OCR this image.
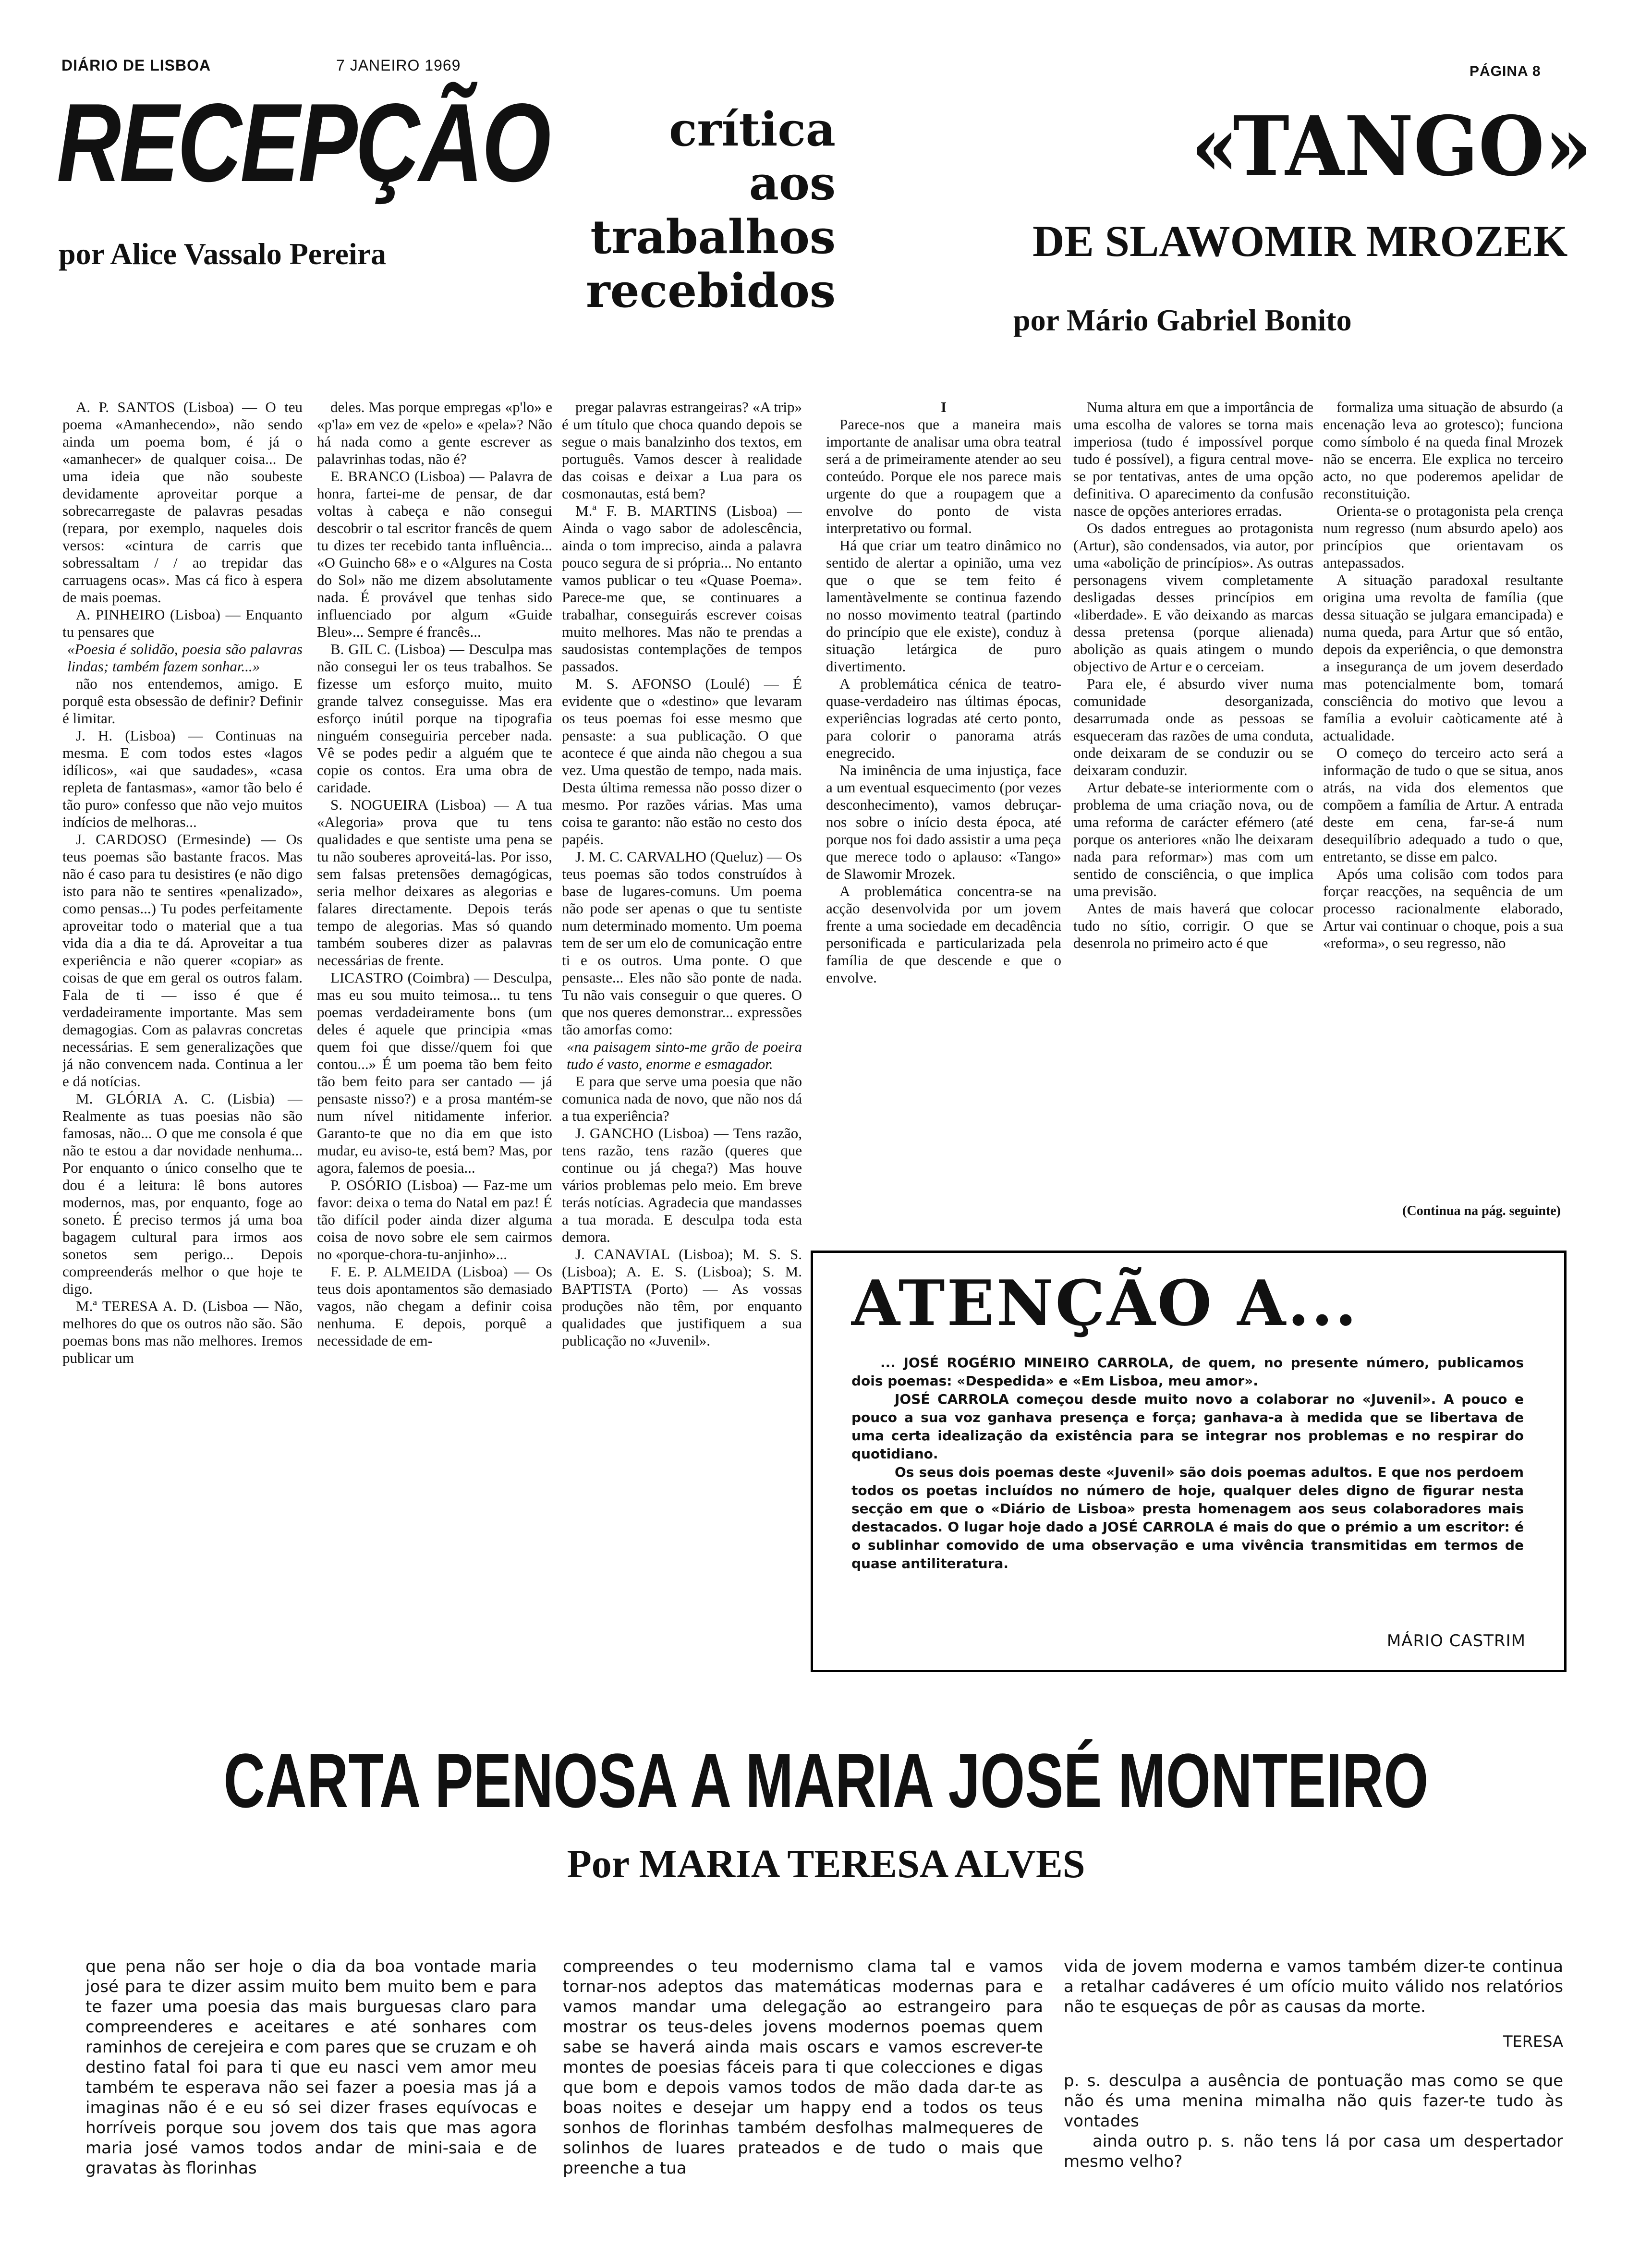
DIÁRIO DE LISBOA	7 JANEIRO 1969	PÁGINA 8
RECEPÇÃO
por Alice Vassalo Pereira
crítica
aos
trabalhos
recebidos
«TANGO»
DE SLAWOMIR MROZEK
por Mário Gabriel Bonito

A. P. SANTOS (Lisboa) — O teu poema «Amanhecendo», não sendo ainda um poema bom, é já o «amanhecer» de qualquer coisa... De uma ideia que não soubeste devidamente aproveitar porque a sobrecarregaste de palavras pesadas (repara, por exemplo, naqueles dois versos: «cintura de carris que sobressaltam / / ao trepidar das carruagens ocas». Mas cá fico à espera de mais poemas.

A. PINHEIRO (Lisboa) — Enquanto tu pensares que

«Poesia é solidão, poesia são palavras lindas; também fazem sonhar...»

não nos entendemos, amigo. E porquê esta obsessão de definir? Definir é limitar.

J. H. (Lisboa) — Continuas na mesma. E com todos estes «lagos idílicos», «ai que saudades», «casa repleta de fantasmas», «amor tão belo é tão puro» confesso que não vejo muitos indícios de melhoras...

J. CARDOSO (Ermesinde) — Os teus poemas são bastante fracos. Mas não é caso para tu desistires (e não digo isto para não te sentires «penalizado», como pensas...) Tu podes perfeitamente aproveitar todo o material que a tua vida dia a dia te dá. Aproveitar a tua experiência e não querer «copiar» as coisas de que em geral os outros falam. Fala de ti — isso é que é verdadeiramente importante. Mas sem demagogias. Com as palavras concretas necessárias. E sem generalizações que já não convencem nada. Continua a ler e dá notícias.

M. GLÓRIA A. C. (Lisbia) — Realmente as tuas poesias não são famosas, não... O que me consola é que não te estou a dar novidade nenhuma... Por enquanto o único conselho que te dou é a leitura: lê bons autores modernos, mas, por enquanto, foge ao soneto. É preciso termos já uma boa bagagem cultural para irmos aos sonetos sem perigo... Depois compreenderás melhor o que hoje te digo.

M.ª TERESA A. D. (Lisboa — Não, melhores do que os outros não são. São poemas bons mas não melhores. Iremos publicar um

deles. Mas porque empregas «p'lo» e «p'la» em vez de «pelo» e «pela»? Não há nada como a gente escrever as palavrinhas todas, não é?

E. BRANCO (Lisboa) — Palavra de honra, fartei-me de pensar, de dar voltas à cabeça e não consegui descobrir o tal escritor francês de quem tu dizes ter recebido tanta influência... «O Guincho 68» e o «Algures na Costa do Sol» não me dizem absolutamente nada. É provável que tenhas sido influenciado por algum «Guide Bleu»... Sempre é francês...

B. GIL C. (Lisboa) — Desculpa mas não consegui ler os teus trabalhos. Se fizesse um esforço muito, muito grande talvez conseguisse. Mas era esforço inútil porque na tipografia ninguém conseguiria perceber nada. Vê se podes pedir a alguém que te copie os contos. Era uma obra de caridade.

S. NOGUEIRA (Lisboa) — A tua «Alegoria» prova que tu tens qualidades e que sentiste uma pena se tu não souberes aproveitá-las. Por isso, sem falsas pretensões demagógicas, seria melhor deixares as alegorias e falares directamente. Depois terás tempo de alegorias. Mas só quando também souberes dizer as palavras necessárias de frente.

LICASTRO (Coimbra) — Desculpa, mas eu sou muito teimosa... tu tens poemas verdadeiramente bons (um deles é aquele que principia «mas quem foi que disse//quem foi que contou...» É um poema tão bem feito tão bem feito para ser cantado — já pensaste nisso?) e a prosa mantém-se num nível nitidamente inferior. Garanto-te que no dia em que isto mudar, eu aviso-te, está bem? Mas, por agora, falemos de poesia...

P. OSÓRIO (Lisboa) — Faz-me um favor: deixa o tema do Natal em paz! É tão difícil poder ainda dizer alguma coisa de novo sobre ele sem cairmos no «porque-chora-tu-anjinho»...

F. E. P. ALMEIDA (Lisboa) — Os teus dois apontamentos são demasiado vagos, não chegam a definir coisa nenhuma. E depois, porquê a necessidade de em-

pregar palavras estrangeiras? «A trip» é um título que choca quando depois se segue o mais banalzinho dos textos, em português. Vamos descer à realidade das coisas e deixar a Lua para os cosmonautas, está bem?

M.ª F. B. MARTINS (Lisboa) — Ainda o vago sabor de adolescência, ainda o tom impreciso, ainda a palavra pouco segura de si própria... No entanto vamos publicar o teu «Quase Poema». Parece-me que, se continuares a trabalhar, conseguirás escrever coisas muito melhores. Mas não te prendas a saudosistas contemplações de tempos passados.

M. S. AFONSO (Loulé) — É evidente que o «destino» que levaram os teus poemas foi esse mesmo que pensaste: a sua publicação. O que acontece é que ainda não chegou a sua vez. Uma questão de tempo, nada mais. Desta última remessa não posso dizer o mesmo. Por razões várias. Mas uma coisa te garanto: não estão no cesto dos papéis.

J. M. C. CARVALHO (Queluz) — Os teus poemas são todos construídos à base de lugares-comuns. Um poema não pode ser apenas o que tu sentiste num determinado momento. Um poema tem de ser um elo de comunicação entre ti e os outros. Uma ponte. O que pensaste... Eles não são ponte de nada. Tu não vais conseguir o que queres. O que nos queres demonstrar... expressões tão amorfas como:

«na paisagem sinto-me grão de poeira tudo é vasto, enorme e esmagador.

E para que serve uma poesia que não comunica nada de novo, que não nos dá a tua experiência?

J. GANCHO (Lisboa) — Tens razão, tens razão, tens razão (queres que continue ou já chega?) Mas houve vários problemas pelo meio. Em breve terás notícias. Agradecia que mandasses a tua morada. E desculpa toda esta demora.

J. CANAVIAL (Lisboa); M. S. S. (Lisboa); A. E. S. (Lisboa); S. M. BAPTISTA (Porto) — As vossas produções não têm, por enquanto qualidades que justifiquem a sua publicação no «Juvenil».

I

Parece-nos que a maneira mais importante de analisar uma obra teatral será a de primeiramente atender ao seu conteúdo. Porque ele nos parece mais urgente do que a roupagem que a envolve do ponto de vista interpretativo ou formal.

Há que criar um teatro dinâmico no sentido de alertar a opinião, uma vez que o que se tem feito é lamentàvelmente se continua fazendo no nosso movimento teatral (partindo do princípio que ele existe), conduz à situação letárgica de puro divertimento.

A problemática cénica de teatro-quase-verdadeiro nas últimas épocas, experiências logradas até certo ponto, para colorir o panorama atrás enegrecido.

Na iminência de uma injustiça, face a um eventual esquecimento (por vezes desconhecimento), vamos debruçar-nos sobre o início desta época, até porque nos foi dado assistir a uma peça que merece todo o aplauso: «Tango» de Slawomir Mrozek.

A problemática concentra-se na acção desenvolvida por um jovem frente a uma sociedade em decadência personificada e particularizada pela família de que descende e que o envolve.

Numa altura em que a importância de uma escolha de valores se torna mais imperiosa (tudo é impossível porque tudo é possível), a figura central move-se por tentativas, antes de uma opção definitiva. O aparecimento da confusão nasce de opções anteriores erradas.

Os dados entregues ao protagonista (Artur), são condensados, via autor, por uma «abolição de princípios». As outras personagens vivem completamente desligadas desses princípios em «liberdade». E vão deixando as marcas dessa pretensa (porque alienada) abolição as quais atingem o mundo objectivo de Artur e o cerceiam.

Para ele, é absurdo viver numa comunidade desorganizada, desarrumada onde as pessoas se esqueceram das razões de uma conduta, onde deixaram de se conduzir ou se deixaram conduzir.

Artur debate-se interiormente com o problema de uma criação nova, ou de uma reforma de carácter efémero (até porque os anteriores «não lhe deixaram nada para reformar») mas com um sentido de consciência, o que implica uma previsão.

Antes de mais haverá que colocar tudo no sítio, corrigir. O que se desenrola no primeiro acto é que

formaliza uma situação de absurdo (a encenação leva ao grotesco); funciona como símbolo é na queda final Mrozek não se encerra. Ele explica no terceiro acto, no que poderemos apelidar de reconstituição.

Orienta-se o protagonista pela crença num regresso (num absurdo apelo) aos princípios que orientavam os antepassados.

A situação paradoxal resultante origina uma revolta de família (que dessa situação se julgara emancipada) e numa queda, para Artur que só então, depois da experiência, o que demonstra a insegurança de um jovem deserdado mas potencialmente bom, tomará consciência do motivo que levou a família a evoluir caòticamente até à actualidade.

O começo do terceiro acto será a informação de tudo o que se situa, anos atrás, na vida dos elementos que compõem a família de Artur. A entrada deste em cena, far-se-á num desequilíbrio adequado a tudo o que, entretanto, se disse em palco.

Após uma colisão com todos para forçar reacções, na sequência de um processo racionalmente elaborado, Artur vai continuar o choque, pois a sua «reforma», o seu regresso, não

(Continua na pág. seguinte)
ATENÇÃO A...

... JOSÉ ROGÉRIO MINEIRO CARROLA, de quem, no presente número, publicamos dois poemas: «Despedida» e «Em Lisboa, meu amor».

JOSÉ CARROLA começou desde muito novo a colaborar no «Juvenil». A pouco e pouco a sua voz ganhava presença e força; ganhava-a à medida que se libertava de uma certa idealização da existência para se integrar nos problemas e no respirar do quotidiano.

Os seus dois poemas deste «Juvenil» são dois poemas adultos. E que nos perdoem todos os poetas incluídos no número de hoje, qualquer deles digno de figurar nesta secção em que o «Diário de Lisboa» presta homenagem aos seus colaboradores mais destacados. O lugar hoje dado a JOSÉ CARROLA é mais do que o prémio a um escritor: é o sublinhar comovido de uma observação e uma vivência transmitidas em termos de quase antiliteratura.

MÁRIO CASTRIM
CARTA PENOSA A MARIA JOSÉ MONTEIRO
Por MARIA TERESA ALVES

que pena não ser hoje o dia da boa vontade maria josé para te dizer assim muito bem muito bem e para te fazer uma poesia das mais burguesas claro para compreenderes e aceitares e até sonhares com raminhos de cerejeira e com pares que se cruzam e oh destino fatal foi para ti que eu nasci vem amor meu também te esperava não sei fazer a poesia mas já a imaginas não é e eu só sei dizer frases equívocas e horríveis porque sou jovem dos tais que mas agora maria josé vamos todos andar de mini-saia e de gravatas às florinhas

compreendes o teu modernismo clama tal e vamos tornar-nos adeptos das matemáticas modernas para e vamos mandar uma delegação ao estrangeiro para mostrar os teus-deles jovens modernos poemas quem sabe se haverá ainda mais oscars e vamos escrever-te montes de poesias fáceis para ti que colecciones e digas que bom e depois vamos todos de mão dada dar-te as boas noites e desejar um happy end a todos os teus sonhos de florinhas também desfolhas malmequeres de solinhos de luares prateados e de tudo o mais que preenche a tua

vida de jovem moderna e vamos também dizer-te continua a retalhar cadáveres é um ofício muito válido nos relatórios não te esqueças de pôr as causas da morte.

TERESA

p. s. desculpa a ausência de pontuação mas como se que não és uma menina mimalha não quis fazer-te tudo às vontades

ainda outro p. s. não tens lá por casa um despertador mesmo velho?
